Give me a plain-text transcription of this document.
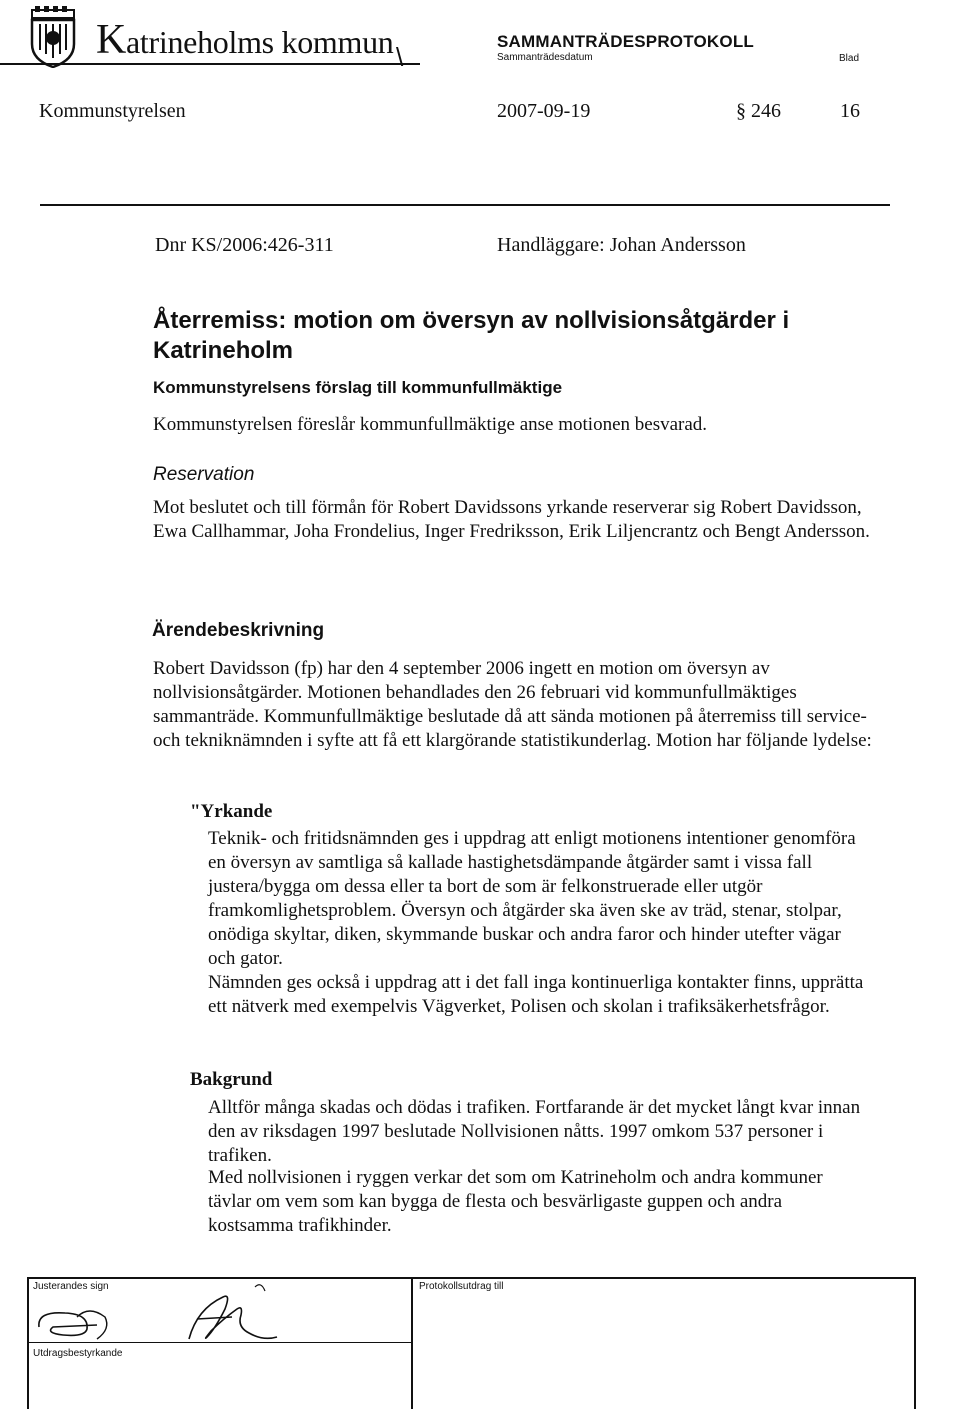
Katrineholms kommun \
SAMMANTRÄDESPROTOKOLL
Sammanträdesdatum	Blad
Kommunstyrelsen	2007-09-19	§ 246	16
Dnr KS/2006:426-311	Handläggare: Johan Andersson
Återremiss: motion om översyn av nollvisionsåtgärder i Katrineholm
Kommunstyrelsens förslag till kommunfullmäktige
Kommunstyrelsen föreslår kommunfullmäktige anse motionen besvarad.
Reservation
Mot beslutet och till förmån för Robert Davidssons yrkande reserverar sig Robert Davidsson, Ewa Callhammar, Joha Frondelius, Inger Fredriksson, Erik Liljencrantz och Bengt Andersson.
Ärendebeskrivning
Robert Davidsson (fp) har den 4 september 2006 ingett en motion om översyn av nollvisionsåtgärder. Motionen behandlades den 26 februari vid kommunfullmäktiges sammanträde. Kommunfullmäktige beslutade då att sända motionen på återremiss till service- och tekniknämnden i syfte att få ett klargörande statistikunderlag. Motion har följande lydelse:
"Yrkande
Teknik- och fritidsnämnden ges i uppdrag att enligt motionens intentioner genomföra en översyn av samtliga så kallade hastighetsdämpande åtgärder samt i vissa fall justera/bygga om dessa eller ta bort de som är felkonstruerade eller utgör framkomlighetsproblem. Översyn och åtgärder ska även ske av träd, stenar, stolpar, onödiga skyltar, diken, skymmande buskar och andra faror och hinder utefter vägar och gator.
Nämnden ges också i uppdrag att i det fall inga kontinuerliga kontakter finns, upprätta ett nätverk med exempelvis Vägverket, Polisen och skolan i trafiksäkerhetsfrågor.
Bakgrund
Alltför många skadas och dödas i trafiken. Fortfarande är det mycket långt kvar innan den av riksdagen 1997 beslutade Nollvisionen nåtts. 1997 omkom 537 personer i trafiken.
Med nollvisionen i ryggen verkar det som om Katrineholm och andra kommuner tävlar om vem som kan bygga de flesta och besvärligaste guppen och andra kostsamma trafikhinder.
Justerandes sign
Utdragsbestyrkande
Protokollsutdrag till
